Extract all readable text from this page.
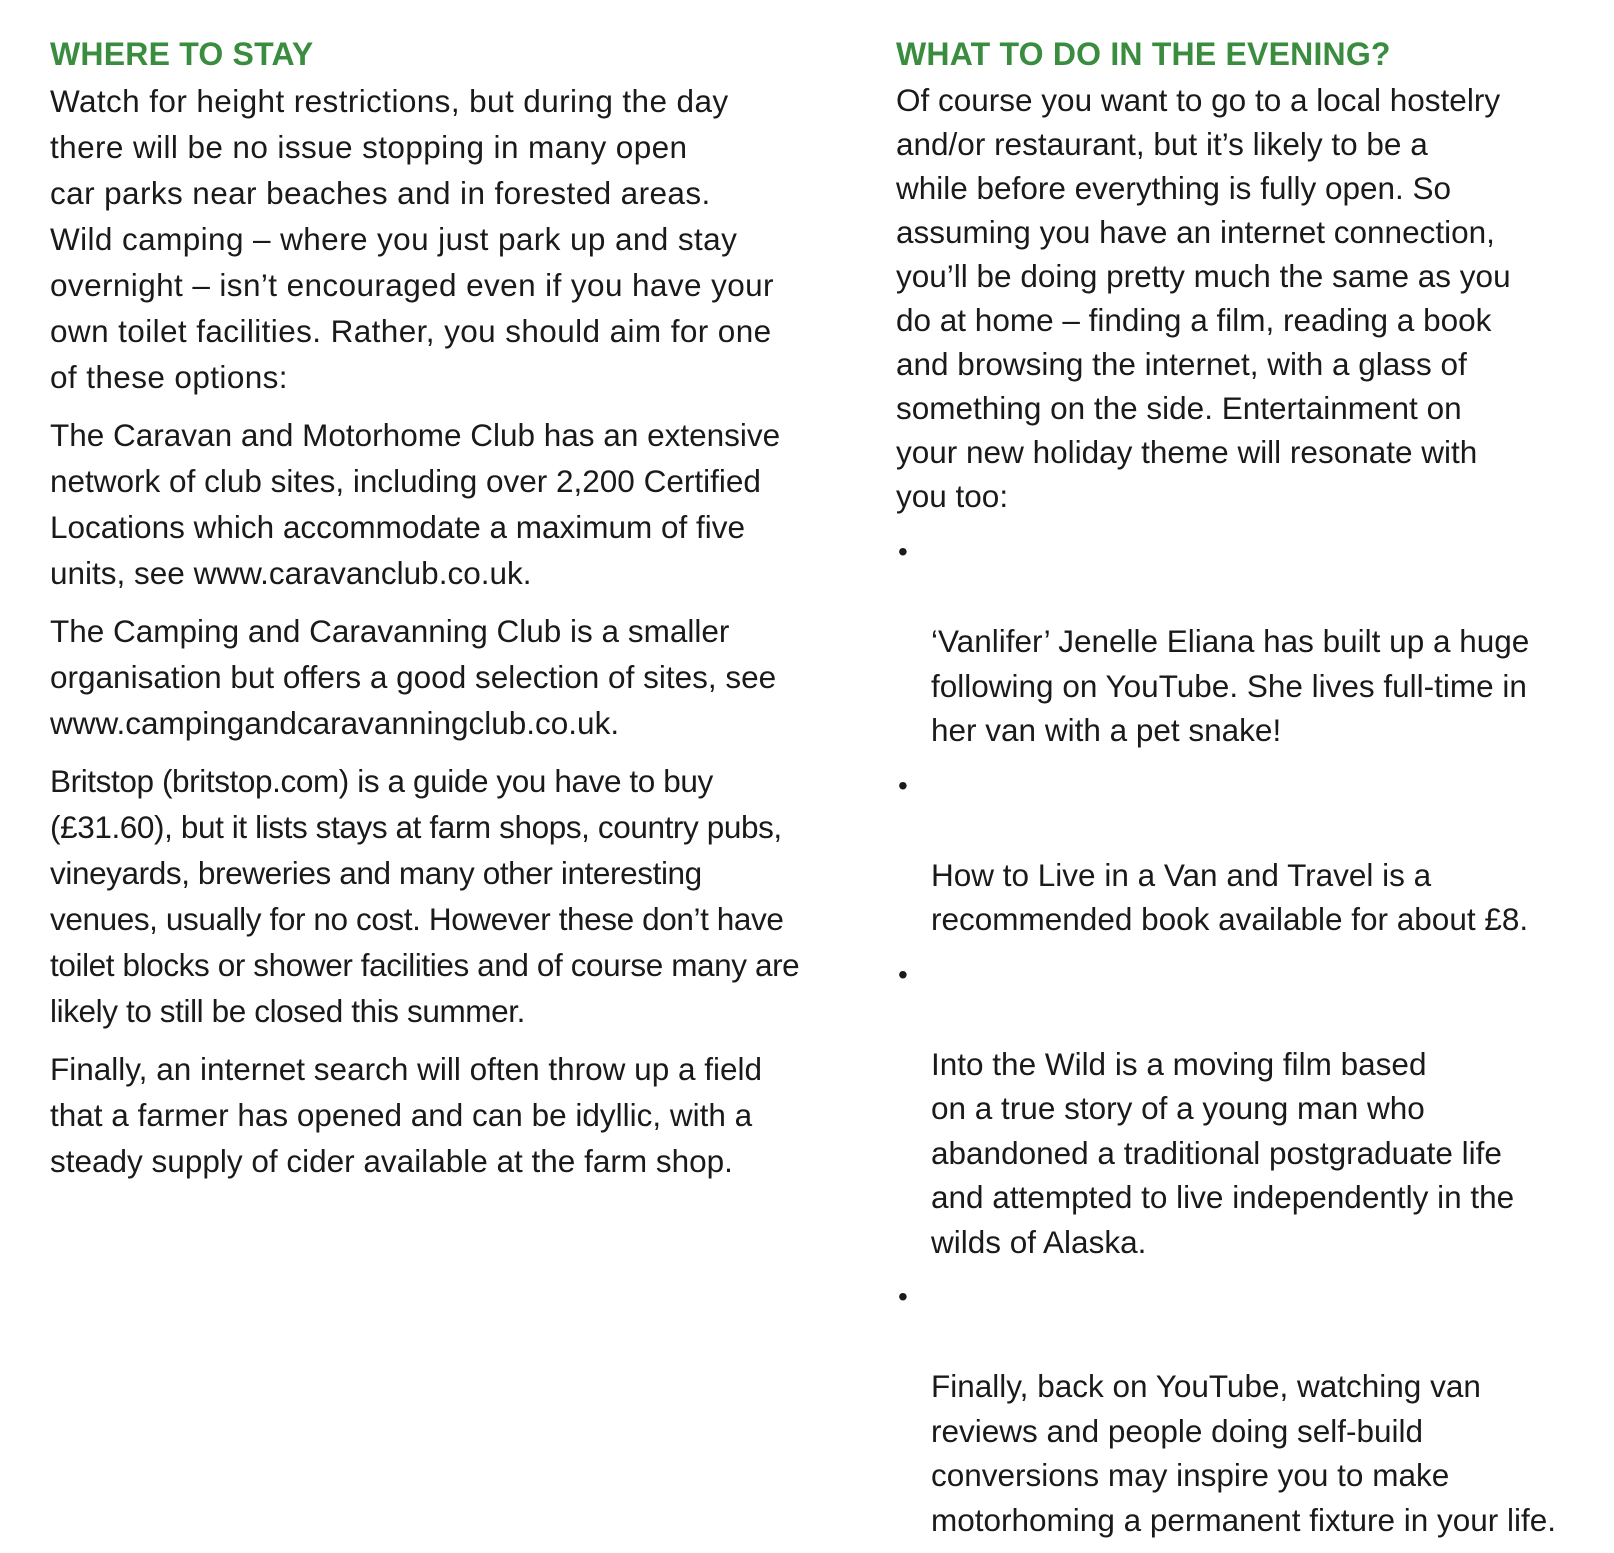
WHERE TO STAY

Watch for height restrictions, but during the day
there will be no issue stopping in many open
car parks near beaches and in forested areas.
Wild camping – where you just park up and stay
overnight – isn’t encouraged even if you have your
own toilet facilities. Rather, you should aim for one
of these options:

The Caravan and Motorhome Club has an extensive
network of club sites, including over 2,200 Certified
Locations which accommodate a maximum of five
units, see www.caravanclub.co.uk.

The Camping and Caravanning Club is a smaller
organisation but offers a good selection of sites, see
www.campingandcaravanningclub.co.uk.

Britstop (britstop.com) is a guide you have to buy
(£31.60), but it lists stays at farm shops, country pubs,
vineyards, breweries and many other interesting
venues, usually for no cost. However these don’t have
toilet blocks or shower facilities and of course many are
likely to still be closed this summer.

Finally, an internet search will often throw up a field
that a farmer has opened and can be idyllic, with a
steady supply of cider available at the farm shop.

WHAT TO DO IN THE EVENING?

Of course you want to go to a local hostelry
and/or restaurant, but it’s likely to be a
while before everything is fully open. So
assuming you have an internet connection,
you’ll be doing pretty much the same as you
do at home – finding a film, reading a book
and browsing the internet, with a glass of
something on the side. Entertainment on
your new holiday theme will resonate with
you too:

•

‘Vanlifer’ Jenelle Eliana has built up a huge
following on YouTube. She lives full-time in
her van with a pet snake!

•

How to Live in a Van and Travel is a
recommended book available for about £8.

•

Into the Wild is a moving film based
on a true story of a young man who
abandoned a traditional postgraduate life
and attempted to live independently in the
wilds of Alaska.

•

Finally, back on YouTube, watching van
reviews and people doing self-build
conversions may inspire you to make
motorhoming a permanent fixture in your life.
